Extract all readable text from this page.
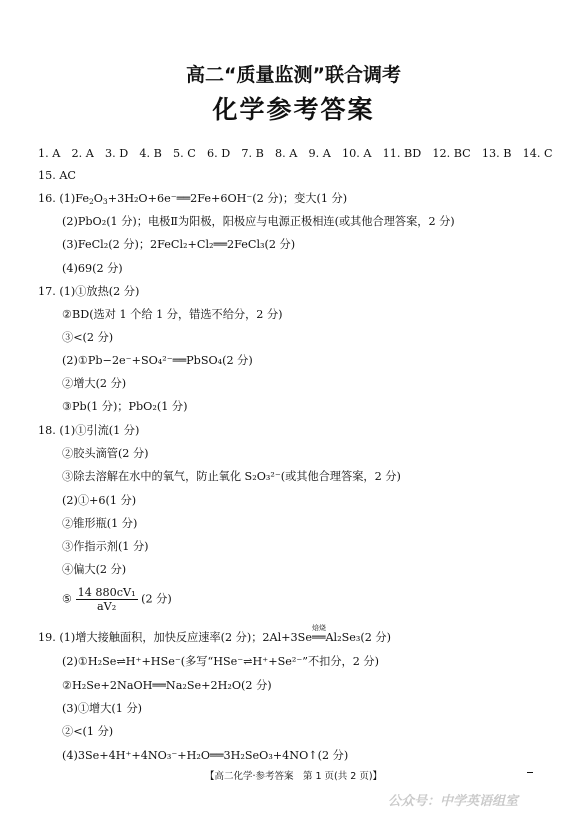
高二“质量监测”联合调考
化学参考答案
1. A　2. A　3. D　4. B　5. C　6. D　7. B　8. A　9. A　10. A　11. BD　12. BC　13. B　14. C
15. AC
16. $(1)Fe_2O_3+3H_2O+6e^-══2Fe+6OH^-(2$ 分)；变大(1 分)
(2)PbO₂(1 分)；电极Ⅱ为阳极，阳极应与电源正极相连(或其他合理答案，2 分)
(3)FeCl₂(2 分)；2FeCl₂+Cl₂══2FeCl₃(2 分)
(4)69(2 分)
17. (1)①放热(2 分)
②BD(选对 1 个给 1 分，错选不给分，2 分)
③<(2 分)
(2)①Pb−2e⁻+SO₄²⁻══PbSO₄(2 分)
②增大(2 分)
③Pb(1 分)；PbO₂(1 分)
18. (1)①引流(1 分)
②胶头滴管(2 分)
③除去溶解在水中的氧气，防止氧化 S₂O₃²⁻(或其他合理答案，2 分)
(2)①+6(1 分)
②锥形瓶(1 分)
③作指示剂(1 分)
④偏大(2 分)
⑤ $\frac{\text{14 880cV₁}}{\text{aV₂}} (2$ 分)
19. (1)增大接触面积，加快反应速率(2 分)；2Al+3Se
焙烧
══Al₂Se₃(2 分)
(2)①H₂Se⇌H⁺+HSe⁻(多写“HSe⁻⇌H⁺+Se²⁻”不扣分，2 分)
②H₂Se+2NaOH══Na₂Se+2H₂O(2 分)
(3)①增大(1 分)
②<(1 分)
(4)3Se+4H⁺+4NO₃⁻+H₂O══3H₂SeO₃+4NO↑(2 分)
【高二化学·参考答案　第 1 页(共 2 页)】
公众号：中学英语组室
